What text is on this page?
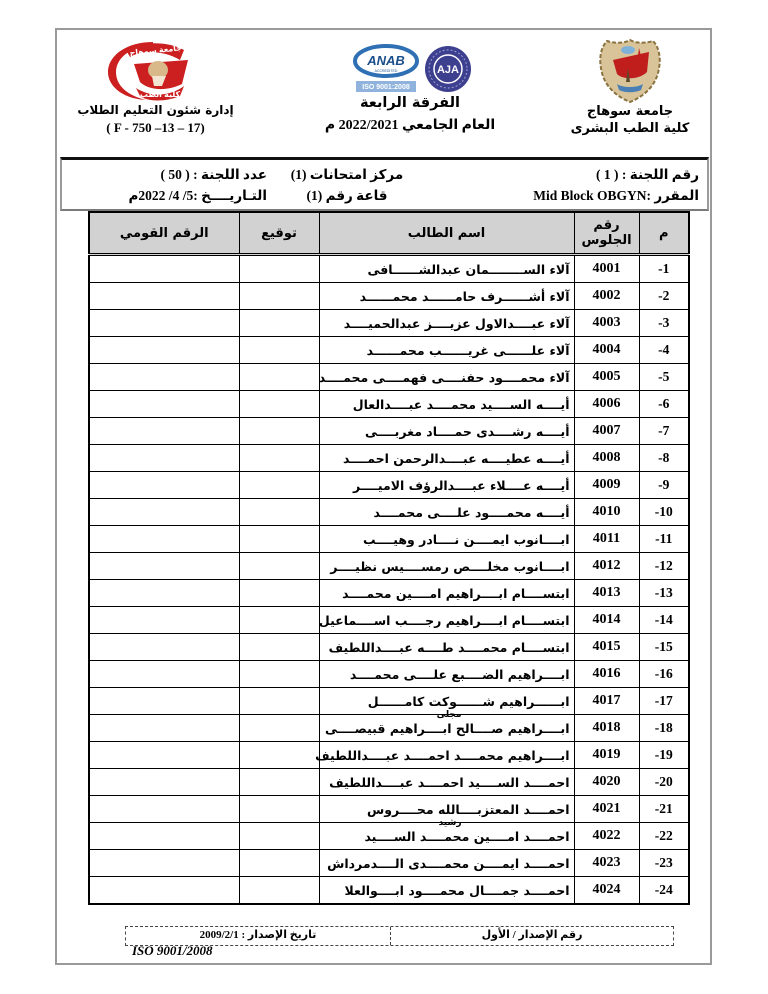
جامعة سوهاج
كلية الطب
إدارة شئون التعليم الطلاب
( F - 750 –13 – 17)
ANAB
ACCREDITED
ISO 9001:2008
AJA
الفرقة الرابعة
العام الجامعي 2022/2021 م
جامعة سوهاج
كلية الطب البشرى
رقم اللجنة : ( 1 )
المقرر :Mid Block OBGYN
مركز امتحانات (1)
قاعة رقم (1)
عدد اللجنة : ( 50 )
التـاريــــخ :5/ 4/ 2022م
م	رقم الجلوس	اسم الطالب	توقيع	الرقم القومي
-1	4001	آلاء الســــــــمان عبدالشــــــافى		

-2	4002	آلاء أشــــــرف حامــــــد محمــــــد		

-3	4003	آلاء عبــــدالاول عزيــــز عبدالحميــــد		

-4	4004	آلاء علــــــى غريــــــب محمــــــد		

-5	4005	آلاء محمــــود حفنــــى فهمــــى محمــــد		

-6	4006	أيــــه الســــيد محمــــد عبــــدالعال		

-7	4007	أيــــه رشــــدى حمــــاد مغربــــى		

-8	4008	أيــــه عطيــــه عبــــدالرحمن احمــــد		

-9	4009	أيــــه عــــلاء عبــــدالرؤف الاميــــر		

-10	4010	أيــــه محمــــود علــــى محمــــد		

-11	4011	ابــــانوب ايمــــن نــــادر وهيــــب		

-12	4012	ابــــانوب مخلــــص رمســــيس نظيــــر		

-13	4013	ابتســــام ابــــراهيم امــــين محمــــد		

-14	4014	ابتســــام ابــــراهيم رجــــب اســــماعيل		

-15	4015	ابتســــام محمــــد طــــه عبــــداللطيف		

-16	4016	ابــــراهيم الضــــبع علــــى محمــــد		

-17	4017	ابــــــراهيم شــــــوكت كامــــــل
مجلى		

-18	4018	ابــــراهيم صــــالح ابــــراهيم قبيصــــى		

-19	4019	ابــــراهيم محمــــد احمــــد عبــــداللطيف		

-20	4020	احمــــد الســــيد احمــــد عبــــداللطيف		

-21	4021	احمــــد المعتزبــــالله محــــروس
رشيد		

-22	4022	احمــــد امــــين محمــــد الســــيد		

-23	4023	احمــــد ايمــــن محمــــدى الــــدمرداش		

-24	4024	احمــــد جمــــال محمــــود ابــــوالعلا		

رقم الإصدار / الأول
تاريخ الإصدار : 2009/2/1
ISO 9001/2008
